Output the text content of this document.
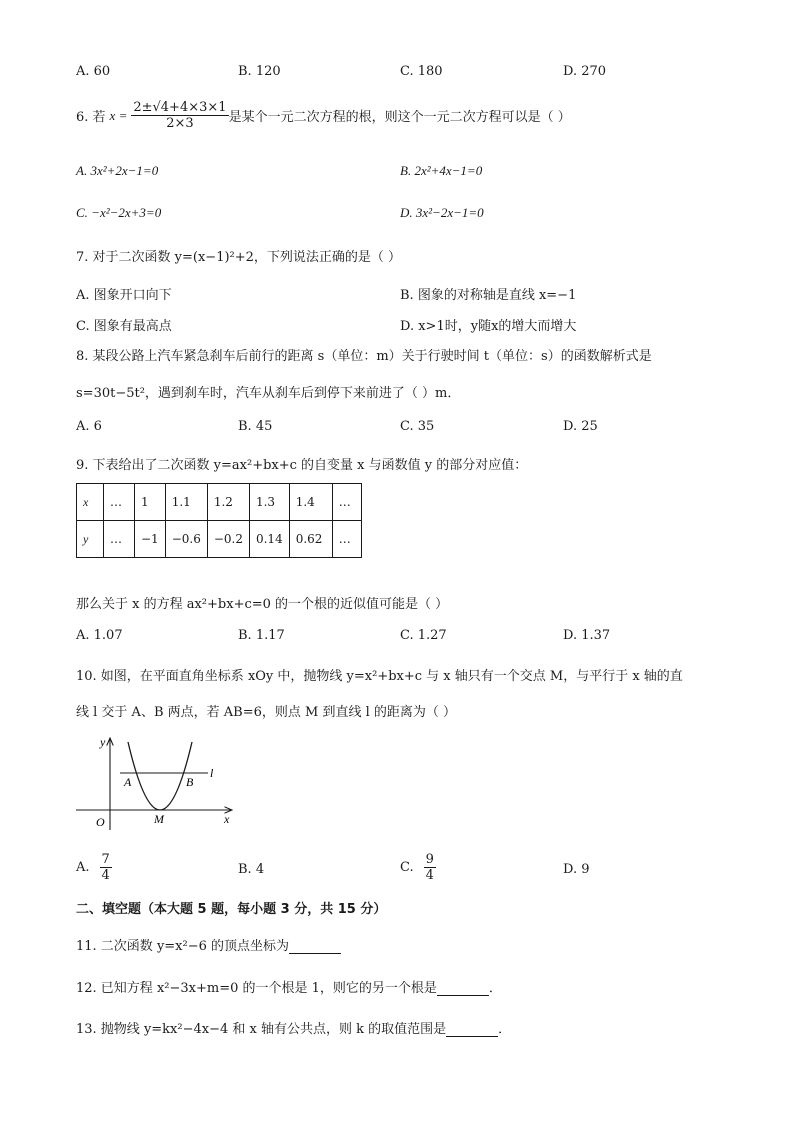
A. 60	B. 120	C. 180	D. 270
6. 若 $x = \frac{2\pm√4+4\times 3\times 1}{2\times 3}$ 是某个一元二次方程的根，则这个一元二次方程可以是（ ）
A. 3x²+2x−1=0	B. 2x²+4x−1=0
C. −x²−2x+3=0	D. 3x²−2x−1=0
7. 对于二次函数 y=(x−1)²+2，下列说法正确的是（ ）
A. 图象开口向下	B. 图象的对称轴是直线 x=−1
C. 图象有最高点	D. x>1时，y随x的增大而增大
8. 某段公路上汽车紧急刹车后前行的距离 s（单位：m）关于行驶时间 t（单位：s）的函数解析式是
s=30t−5t²，遇到刹车时，汽车从刹车后到停下来前进了（ ）m．
A. 6	B. 45	C. 35	D. 25
9. 下表给出了二次函数 y=ax²+bx+c 的自变量 x 与函数值 y 的部分对应值：
x	…	1	1.1	1.2	1.3	1.4	…
y	…	−1	−0.6	−0.2	0.14	0.62	…
那么关于 x 的方程 ax²+bx+c=0 的一个根的近似值可能是（ ）
A. 1.07	B. 1.17	C. 1.27	D. 1.37
10. 如图，在平面直角坐标系 xOy 中，抛物线 y=x²+bx+c 与 x 轴只有一个交点 M，与平行于 x 轴的直
线 l 交于 A、B 两点，若 AB=6，则点 M 到直线 l 的距离为（ ）
y
x
O	M
A	B
l
A. $\frac{7}{4}$	B. 4	C. $\frac{9}{4}$	D. 9
二、填空题（本大题 5 题，每小题 3 分，共 15 分）
11. 二次函数 y=x²−6 的顶点坐标为
12. 已知方程 x²−3x+m=0 的一个根是 1，则它的另一个根是	．
13. 抛物线 y=kx²−4x−4 和 x 轴有公共点，则 k 的取值范围是	．
